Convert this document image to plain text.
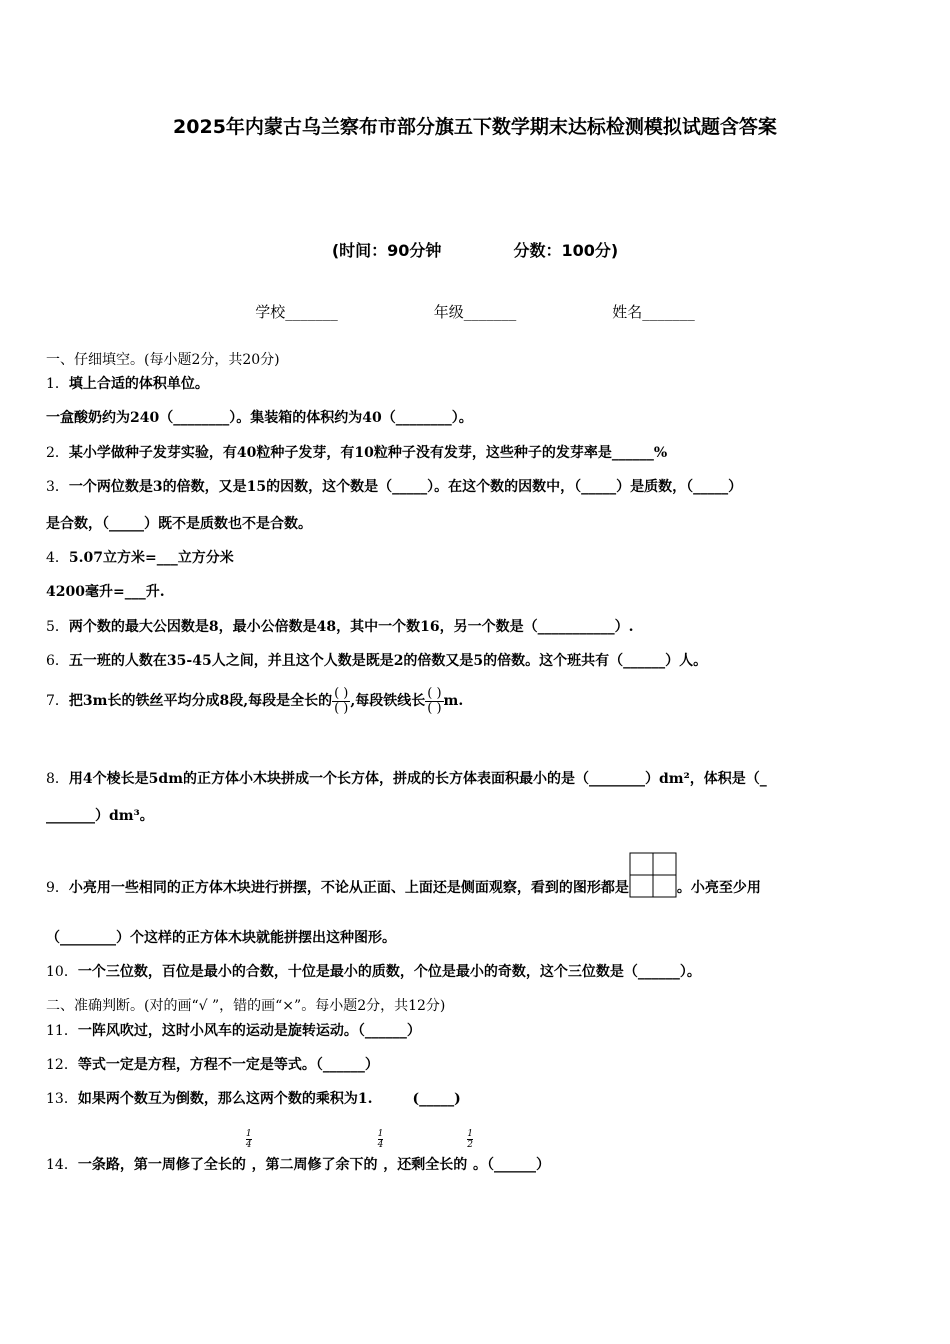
2025年内蒙古乌兰察布市部分旗五下数学期末达标检测模拟试题含答案
(时间：90分钟	分数：100分)
学校_______	年级_______	姓名_______
一、仔细填空。(每小题2分，共20分)
1．填上合适的体积单位。
一盒酸奶约为240（________）。集装箱的体积约为40（________）。
2．某小学做种子发芽实验，有40粒种子发芽，有10粒种子没有发芽，这些种子的发芽率是______%
3．一个两位数是3的倍数，又是15的因数，这个数是（_____）。在这个数的因数中，（_____）是质数，（_____）
是合数，（_____）既不是质数也不是合数。
4．5.07立方米=___立方分米
4200毫升=___升.
5．两个数的最大公因数是8，最小公倍数是48，其中一个数16，另一个数是（___________）.
6．五一班的人数在35-45人之间，并且这个人数是既是2的倍数又是5的倍数。这个班共有（______）人。
7．把3m长的铁丝平均分成8段,每段是全长的 $\frac{( )}{( )}$ ,每段铁线长 $\frac{( )}{( )} m$.
8．用4个棱长是5dm的正方体小木块拼成一个长方体，拼成的长方体表面积最小的是（________）dm²，体积是（_
_______）dm³。
9．小亮用一些相同的正方体木块进行拼摆，不论从正面、上面还是侧面观察，看到的图形都是	。小亮至少用
（________）个这样的正方体木块就能拼摆出这种图形。
10．一个三位数，百位是最小的合数，十位是最小的质数，个位是最小的奇数，这个三位数是（______）。
二、准确判断。(对的画“√ ”，错的画“×”。每小题2分，共12分)
11．一阵风吹过，这时小风车的运动是旋转运动。（______）
12．等式一定是方程，方程不一定是等式。（______）
13．如果两个数互为倒数，那么这两个数的乘积为1.	(_____)
14．一条路，第一周修了全长的
$\frac{1}{4}$，第二周修了余下的
$\frac{1}{4}$，还剩全长的
$\frac{1}{2}$。（______）
